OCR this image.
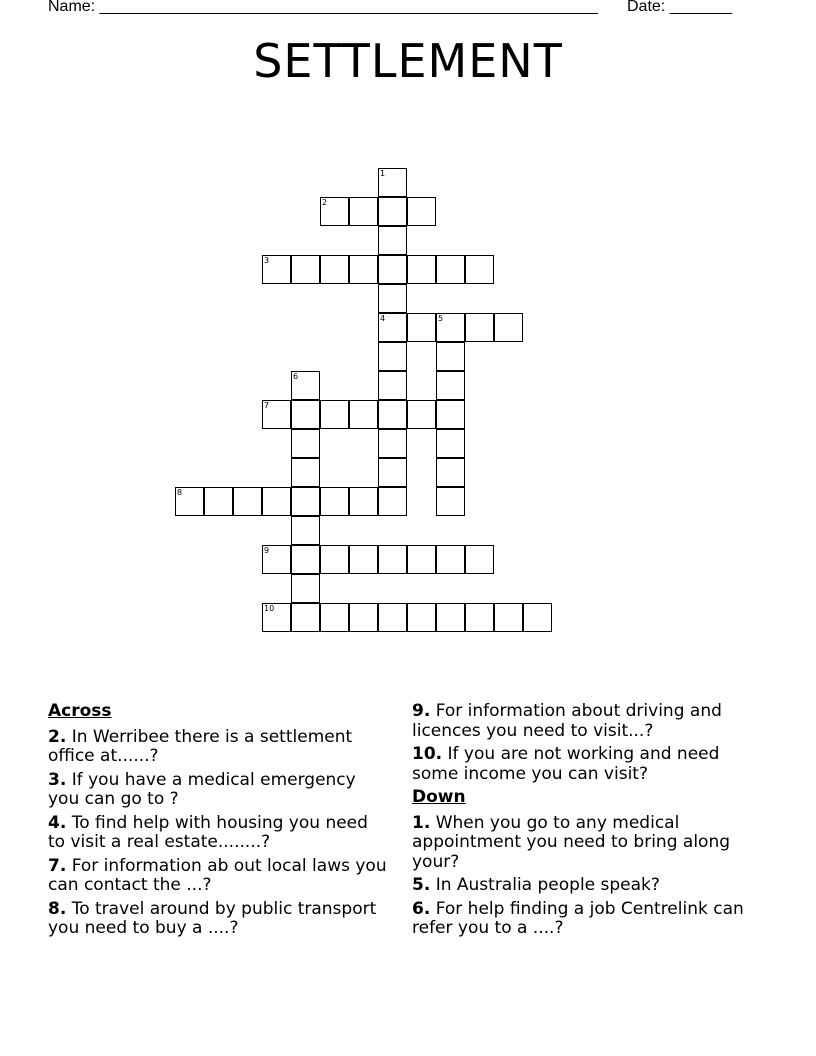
Name: ________________________________________________________ Date: _______
SETTLEMENT
1
2
3
4	5
6
7
8
9
10
Across
2. In Werribee there is a settlement office at......?
3. If you have a medical emergency you can go to ?
4. To find help with housing you need to visit a real estate........?
7. For information ab out local laws you can contact the ...?
8. To travel around by public transport you need to buy a ....?
9. For information about driving and licences you need to visit...?
10. If you are not working and need some income you can visit?
Down
1. When you go to any medical appointment you need to bring along your?
5. In Australia people speak?
6. For help finding a job Centrelink can refer you to a ....?
